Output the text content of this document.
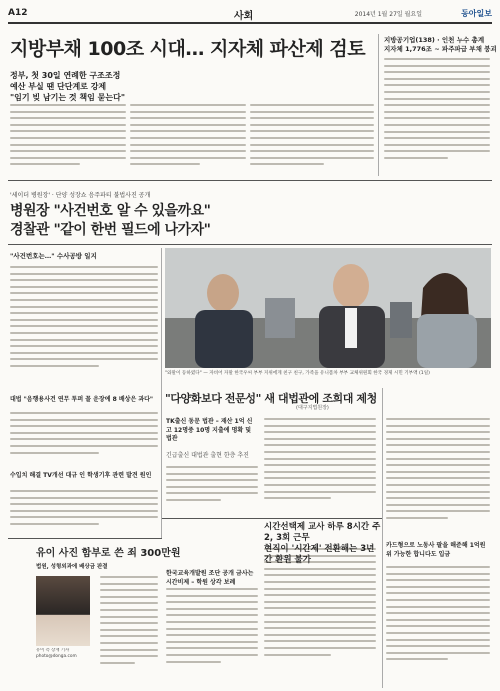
A12	사회	2014년 1월 27일 월요일	동아일보
지방부채 100조 시대… 지자체 파산제 검토
정부, 첫 30일 연례한 구조조정
예산 부실 땐 단단계로 강제
"임기 빚 남기는 것 책임 묻는다"
지방공기업(138) · 인천 누수 총계
지자체 1,776조 ~ 파주파급 부채 붕괴
'세이더 병원장' · 단양 성장쇼 음주파티 불법사진 공개
병원장 "사건번호 알 수 있을까요"
경찰관 "같이 한번 필드에 나가자"
"사건번호는…" 수사공방 일지
"와말이 등하였다" — 자비어 자말 한국우씨 부부 지위에게 친구 친구, 가족을 유니폼차 부부 교체위원회 한국 경제 시민 기부액 (1일)
"다양화보다 전문성" 새 대법관에 조희대 제청
(대구지법원장)
대법 "음행용사건 연무 투퍼 꼴 운장에 8 배상은 과다"
수입치 해결 TV개선 대규 인 학생기후 관련 발견 원인
TK출신 동문 법관 – 재산 1억 신고 12명중 10명 지출에 명확 및 법관
긴급출신 대법관 출현 한층 추진
시간선택제 교사 하루 8시간 주2, 3회 근무
현직이 '시간제' 전환해는 3년간 환원 불가
한국교육개발원 조단 공개 금사는 시간비제 – 학원 상각 보례
카드형으로 노동사 팔을 해준해 1억원 위 가능한 합니다도 입금
유이 사진 함부로 쓴 죄 300만원
법원, 성형외과에 배상금 판결
유이 측 장재 기자 photo@donga.com
